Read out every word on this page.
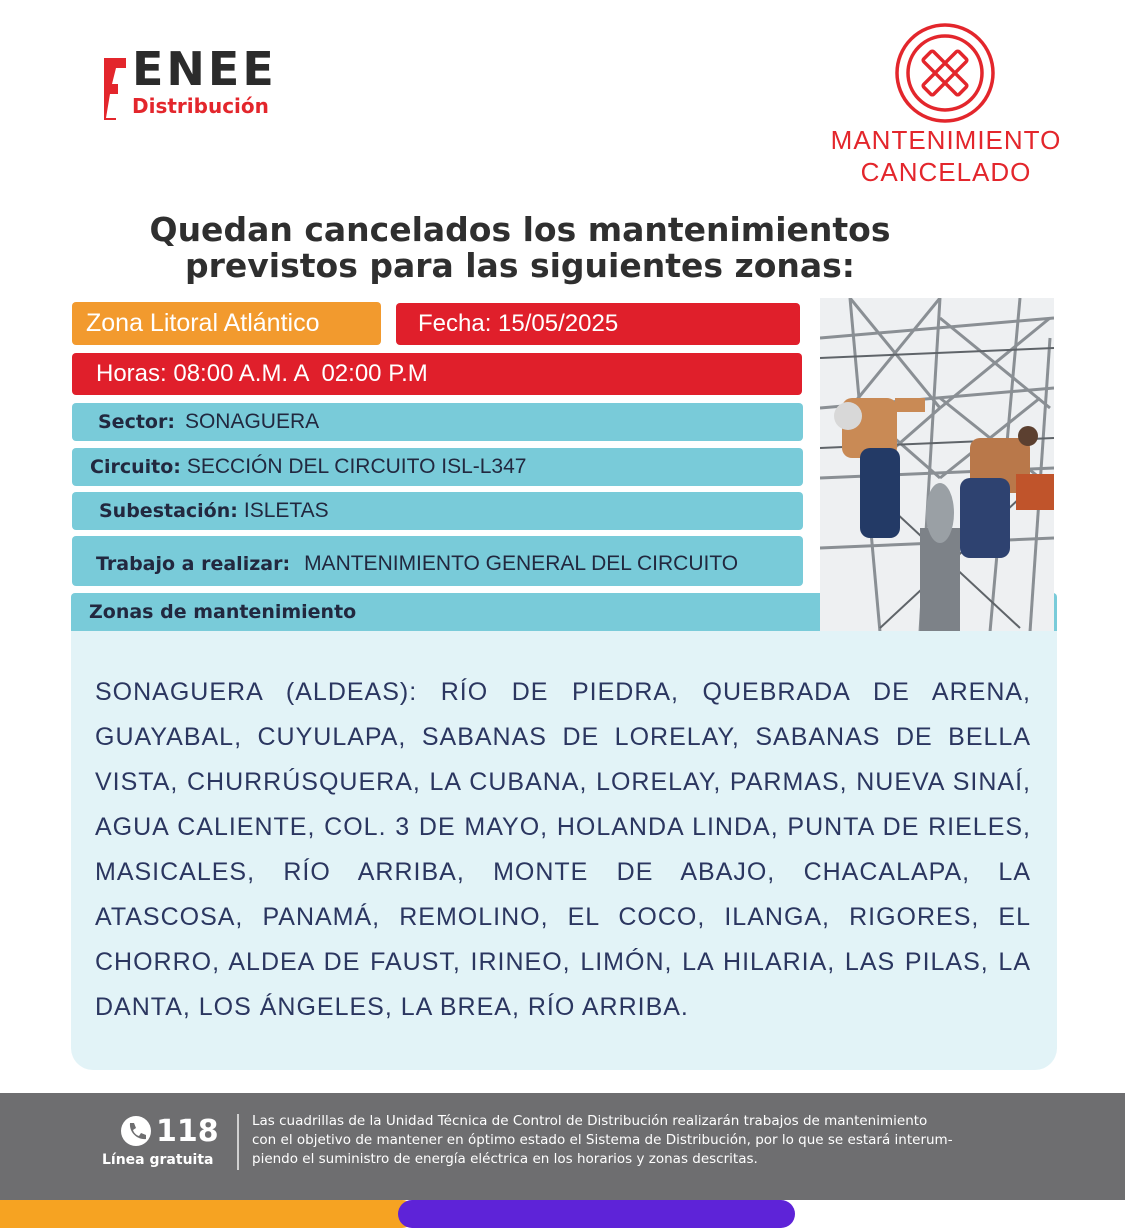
ENEE
Distribución
MANTENIMIENTO
CANCELADO
Quedan cancelados los mantenimientos
previstos para las siguientes zonas:
Zona Litoral Atlántico	Fecha: 15/05/2025
Horas: 08:00 A.M. A  02:00 P.M
Sector: SONAGUERA
Circuito: SECCIÓN DEL CIRCUITO ISL-L347
Subestación: ISLETAS
Trabajo a realizar: MANTENIMIENTO GENERAL DEL CIRCUITO
Zonas de mantenimiento
SONAGUERA (ALDEAS): RÍO DE PIEDRA, QUEBRADA DE ARENA, GUAYABAL, CUYULAPA, SABANAS DE LORELAY, SABANAS DE BELLA VISTA, CHURRÚSQUERA, LA CUBANA, LORELAY, PARMAS, NUEVA SINAÍ, AGUA CALIENTE, COL. 3 DE MAYO, HOLANDA LINDA, PUNTA DE RIELES, MASICALES, RÍO ARRIBA, MONTE DE ABAJO, CHACALAPA, LA ATASCOSA, PANAMÁ, REMOLINO, EL COCO, ILANGA, RIGORES, EL CHORRO, ALDEA DE FAUST, IRINEO, LIMÓN, LA HILARIA, LAS PILAS, LA DANTA, LOS ÁNGELES, LA BREA, RÍO ARRIBA.
118
Línea gratuita
Las cuadrillas de la Unidad Técnica de Control de Distribución realizarán trabajos de mantenimiento
con el objetivo de mantener en óptimo estado el Sistema de Distribución, por lo que se estará interum-
piendo el suministro de energía eléctrica en los horarios y zonas descritas.
